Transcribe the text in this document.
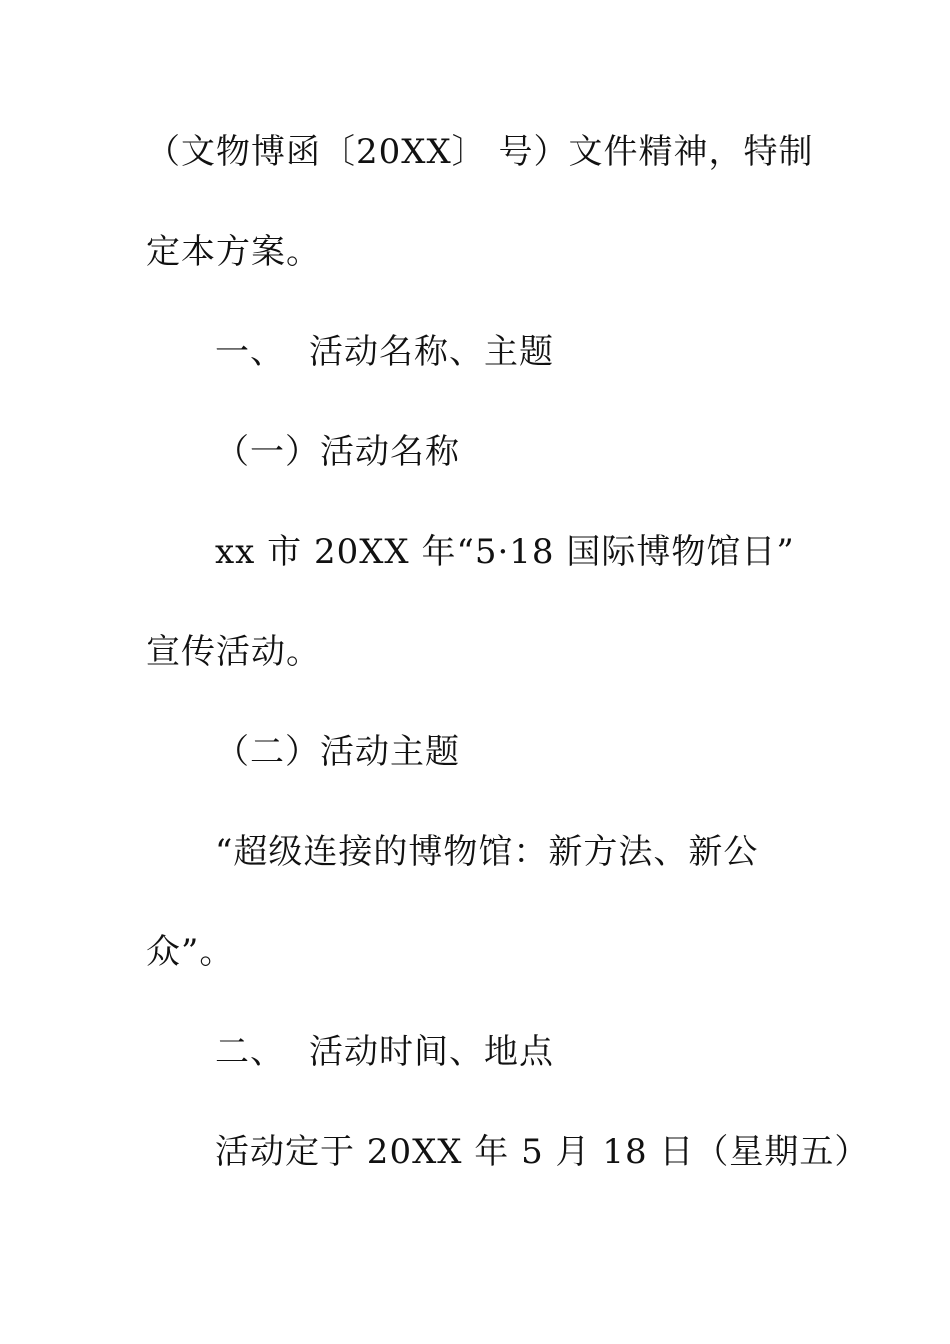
（文物博函〔20XX〕 号）文件精神，特制
定本方案。
一、 活动名称、主题
（一）活动名称
xx 市 20XX 年“5·18 国际博物馆日”
宣传活动。
（二）活动主题
“超级连接的博物馆：新方法、新公
众”。
二、 活动时间、地点
活动定于 20XX 年 5 月 18 日（星期五）
